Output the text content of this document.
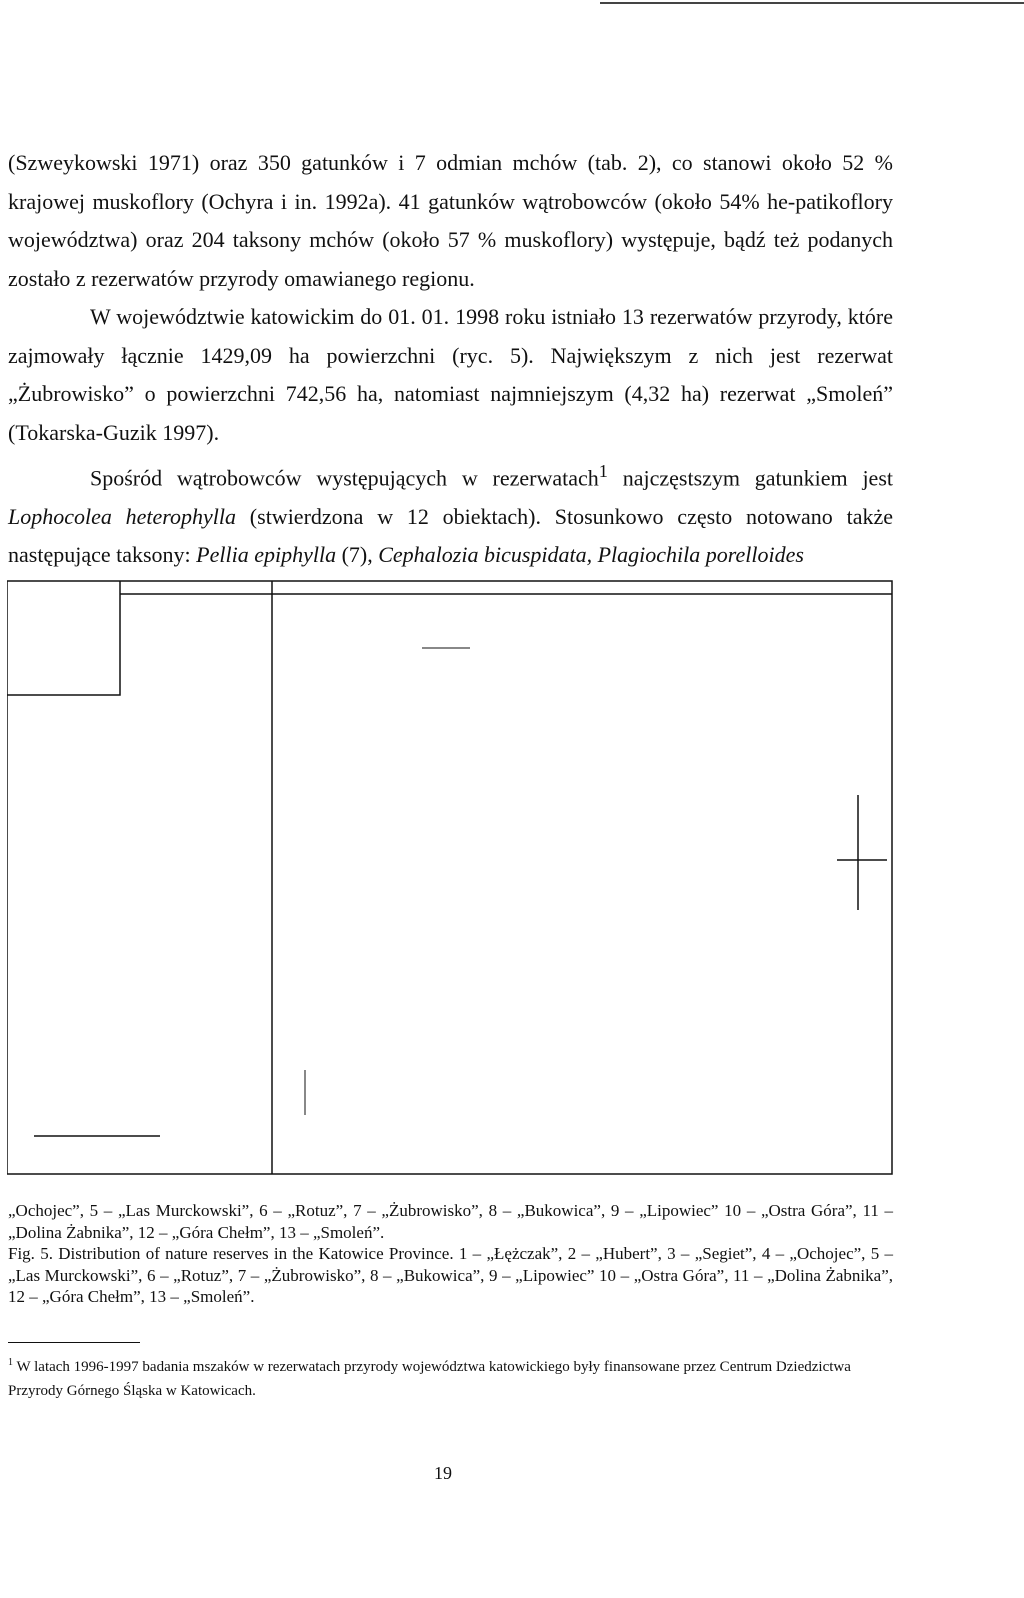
(Szweykowski 1971) oraz 350 gatunków i 7 odmian mchów (tab. 2), co stanowi około 52 % krajowej muskoflory (Ochyra i in. 1992a). 41 gatunków wątrobowców (około 54% he-patikoflory województwa) oraz 204 taksony mchów (około 57 % muskoflory) występuje, bądź też podanych zostało z rezerwatów przyrody omawianego regionu.

W województwie katowickim do 01. 01. 1998 roku istniało 13 rezerwatów przyrody, które zajmowały łącznie 1429,09 ha powierzchni (ryc. 5). Największym z nich jest rezerwat „Żubrowisko” o powierzchni 742,56 ha, natomiast najmniejszym (4,32 ha) rezerwat „Smoleń” (Tokarska-Guzik 1997).

Spośród wątrobowców występujących w rezerwatach$^1$ najczęstszym gatunkiem jest Lophocolea heterophylla (stwierdzona w 12 obiektach). Stosunkowo często notowano także następujące taksony: Pellia epiphylla (7), Cephalozia bicuspidata, Plagiochila porelloides

„Ochojec”, 5 – „Las Murckowski”, 6 – „Rotuz”, 7 – „Żubrowisko”, 8 – „Bukowica”, 9 – „Lipowiec” 10 – „Ostra Góra”, 11 – „Dolina Żabnika”, 12 – „Góra Chełm”, 13 – „Smoleń”.

Fig. 5. Distribution of nature reserves in the Katowice Province. 1 – „Łężczak”, 2 – „Hubert”, 3 – „Segiet”, 4 – „Ochojec”, 5 – „Las Murckowski”, 6 – „Rotuz”, 7 – „Żubrowisko”, 8 – „Bukowica”, 9 – „Lipowiec” 10 – „Ostra Góra”, 11 – „Dolina Żabnika”, 12 – „Góra Chełm”, 13 – „Smoleń”.

$^1$ W latach 1996-1997 badania mszaków w rezerwatach przyrody województwa katowickiego były finansowane przez Centrum Dziedzictwa Przyrody Górnego Śląska w Katowicach.

19
